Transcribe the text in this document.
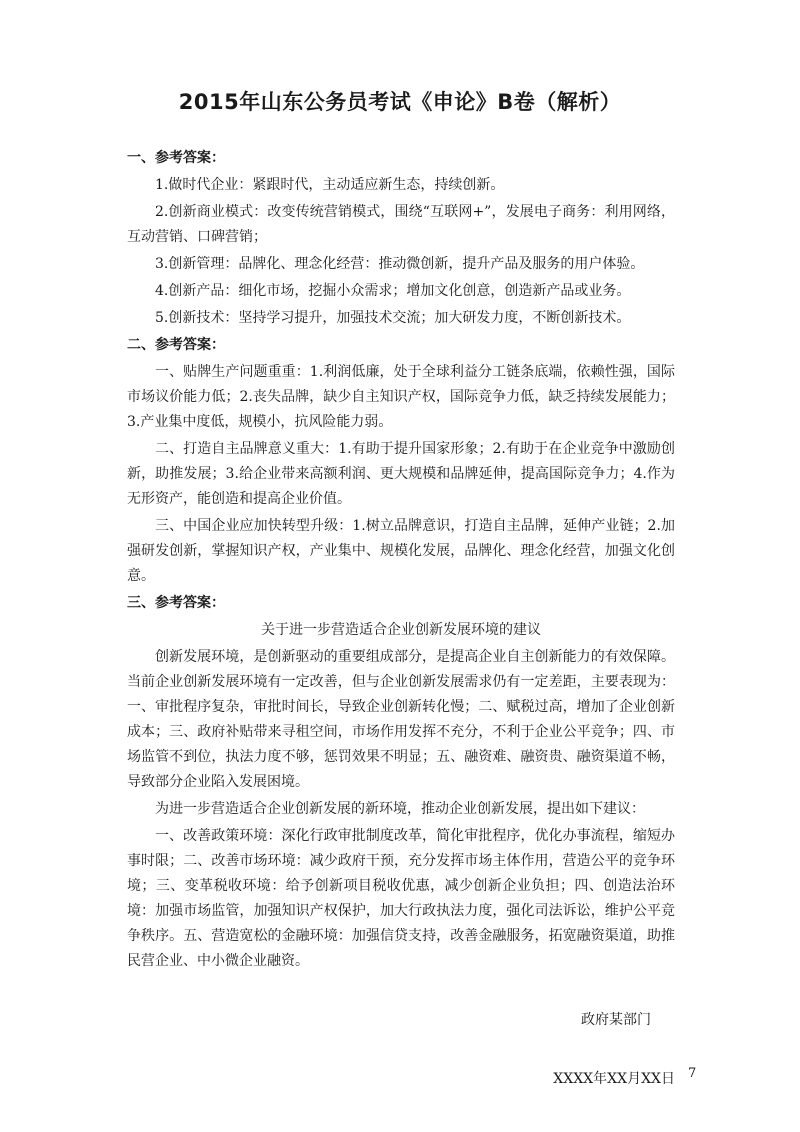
2015年山东公务员考试《申论》B卷（解析）

一、参考答案：

1.做时代企业：紧跟时代，主动适应新生态，持续创新。

2.创新商业模式：改变传统营销模式，围绕“互联网+”，发展电子商务：利用网络，互动营销、口碑营销；

3.创新管理：品牌化、理念化经营：推动微创新，提升产品及服务的用户体验。

4.创新产品：细化市场，挖掘小众需求；增加文化创意，创造新产品或业务。

5.创新技术：坚持学习提升，加强技术交流；加大研发力度，不断创新技术。

二、参考答案：

一、贴牌生产问题重重：1.利润低廉，处于全球利益分工链条底端，依赖性强，国际市场议价能力低；2.丧失品牌，缺少自主知识产权，国际竞争力低，缺乏持续发展能力；3.产业集中度低，规模小，抗风险能力弱。

二、打造自主品牌意义重大：1.有助于提升国家形象；2.有助于在企业竞争中激励创新，助推发展；3.给企业带来高额利润、更大规模和品牌延伸，提高国际竞争力；4.作为无形资产，能创造和提高企业价值。

三、中国企业应加快转型升级：1.树立品牌意识，打造自主品牌，延伸产业链；2.加强研发创新，掌握知识产权，产业集中、规模化发展，品牌化、理念化经营，加强文化创意。

三、参考答案：

关于进一步营造适合企业创新发展环境的建议

创新发展环境，是创新驱动的重要组成部分，是提高企业自主创新能力的有效保障。当前企业创新发展环境有一定改善，但与企业创新发展需求仍有一定差距，主要表现为：一、审批程序复杂，审批时间长，导致企业创新转化慢；二、赋税过高，增加了企业创新成本；三、政府补贴带来寻租空间，市场作用发挥不充分，不利于企业公平竞争；四、市场监管不到位，执法力度不够，惩罚效果不明显；五、融资难、融资贵、融资渠道不畅，导致部分企业陷入发展困境。

为进一步营造适合企业创新发展的新环境，推动企业创新发展，提出如下建议：

一、改善政策环境：深化行政审批制度改革，简化审批程序，优化办事流程，缩短办事时限；二、改善市场环境：减少政府干预，充分发挥市场主体作用，营造公平的竞争环境；三、变革税收环境：给予创新项目税收优惠，减少创新企业负担；四、创造法治环境：加强市场监管，加强知识产权保护，加大行政执法力度，强化司法诉讼，维护公平竞争秩序。五、营造宽松的金融环境：加强信贷支持，改善金融服务，拓宽融资渠道，助推民营企业、中小微企业融资。

政府某部门

XXXX年XX月XX日 7
